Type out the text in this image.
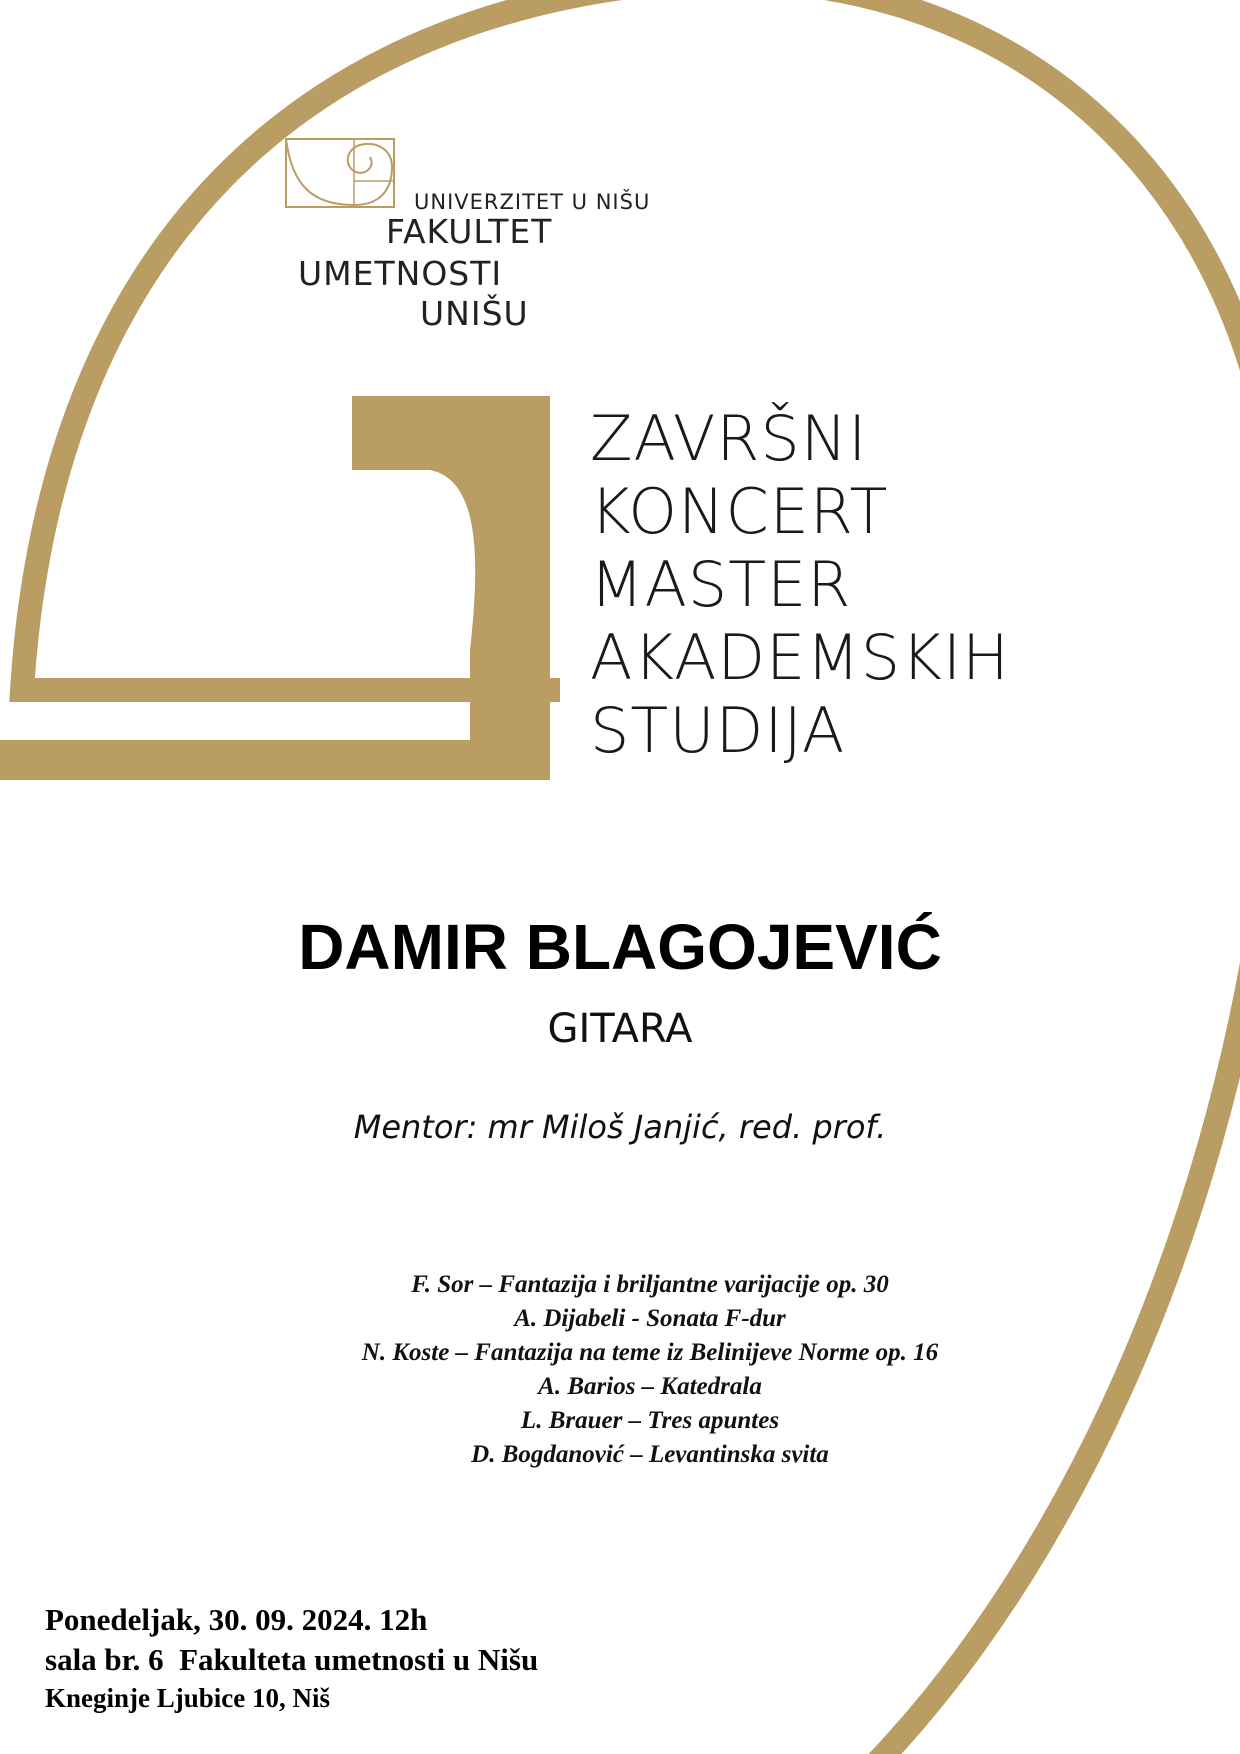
UNIVERZITET U NIŠU
FAKULTET
UMETNOSTI
UNIŠU
ZAVRŠNI
KONCERT
MASTER
AKADEMSKIH
STUDIJA
DAMIR BLAGOJEVIĆ
GITARA
Mentor: mr Miloš Janjić, red. prof.
F. Sor – Fantazija i briljantne varijacije op. 30
A. Dijabeli - Sonata F-dur
N. Koste – Fantazija na teme iz Belinijeve Norme op. 16
A. Barios – Katedrala
L. Brauer – Tres apuntes
D. Bogdanović – Levantinska svita
Ponedeljak, 30. 09. 2024. 12h
sala br. 6  Fakulteta umetnosti u Nišu
Kneginje Ljubice 10, Niš
